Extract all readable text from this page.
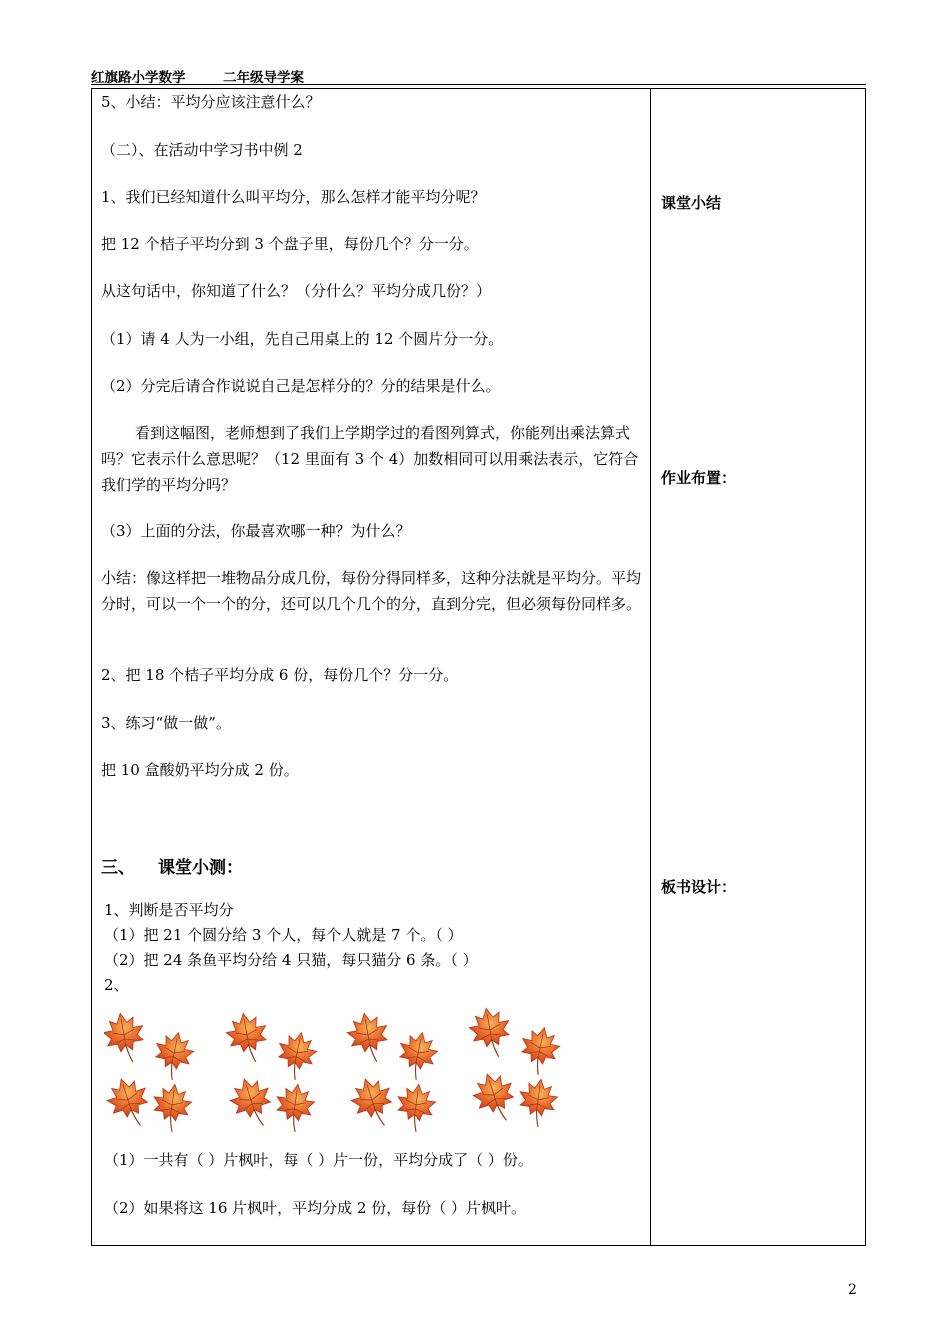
红旗路小学数学	二年级导学案
5、小结：平均分应该注意什么？
（二）、在活动中学习书中例 2
1、我们已经知道什么叫平均分，那么怎样才能平均分呢？
把 12 个桔子平均分到 3 个盘子里，每份几个？分一分。
从这句话中，你知道了什么？（分什么？平均分成几份？）
（1）请 4 人为一小组，先自己用桌上的 12 个圆片分一分。
（2）分完后请合作说说自己是怎样分的？分的结果是什么。
看到这幅图，老师想到了我们上学期学过的看图列算式，你能列出乘法算式吗？它表示什么意思呢？（12 里面有 3 个 4）加数相同可以用乘法表示，它符合我们学的平均分吗？
（3）上面的分法，你最喜欢哪一种？为什么？
小结：像这样把一堆物品分成几份，每份分得同样多，这种分法就是平均分。平均分时，可以一个一个的分，还可以几个几个的分，直到分完，但必须每份同样多。
2、把 18 个桔子平均分成 6 份，每份几个？分一分。
3、练习“做一做”。
把 10 盒酸奶平均分成 2 份。
三、 课堂小测：
1、判断是否平均分
（1）把 21 个圆分给 3 个人，每个人就是 7 个。（ ）
（2）把 24 条鱼平均分给 4 只猫，每只猫分 6 条。（ ）
2、
（1）一共有（ ）片枫叶，每（ ）片一份，平均分成了（ ）份。
（2）如果将这 16 片枫叶，平均分成 2 份，每份（ ）片枫叶。
课堂小结
作业布置：
板书设计：
2
